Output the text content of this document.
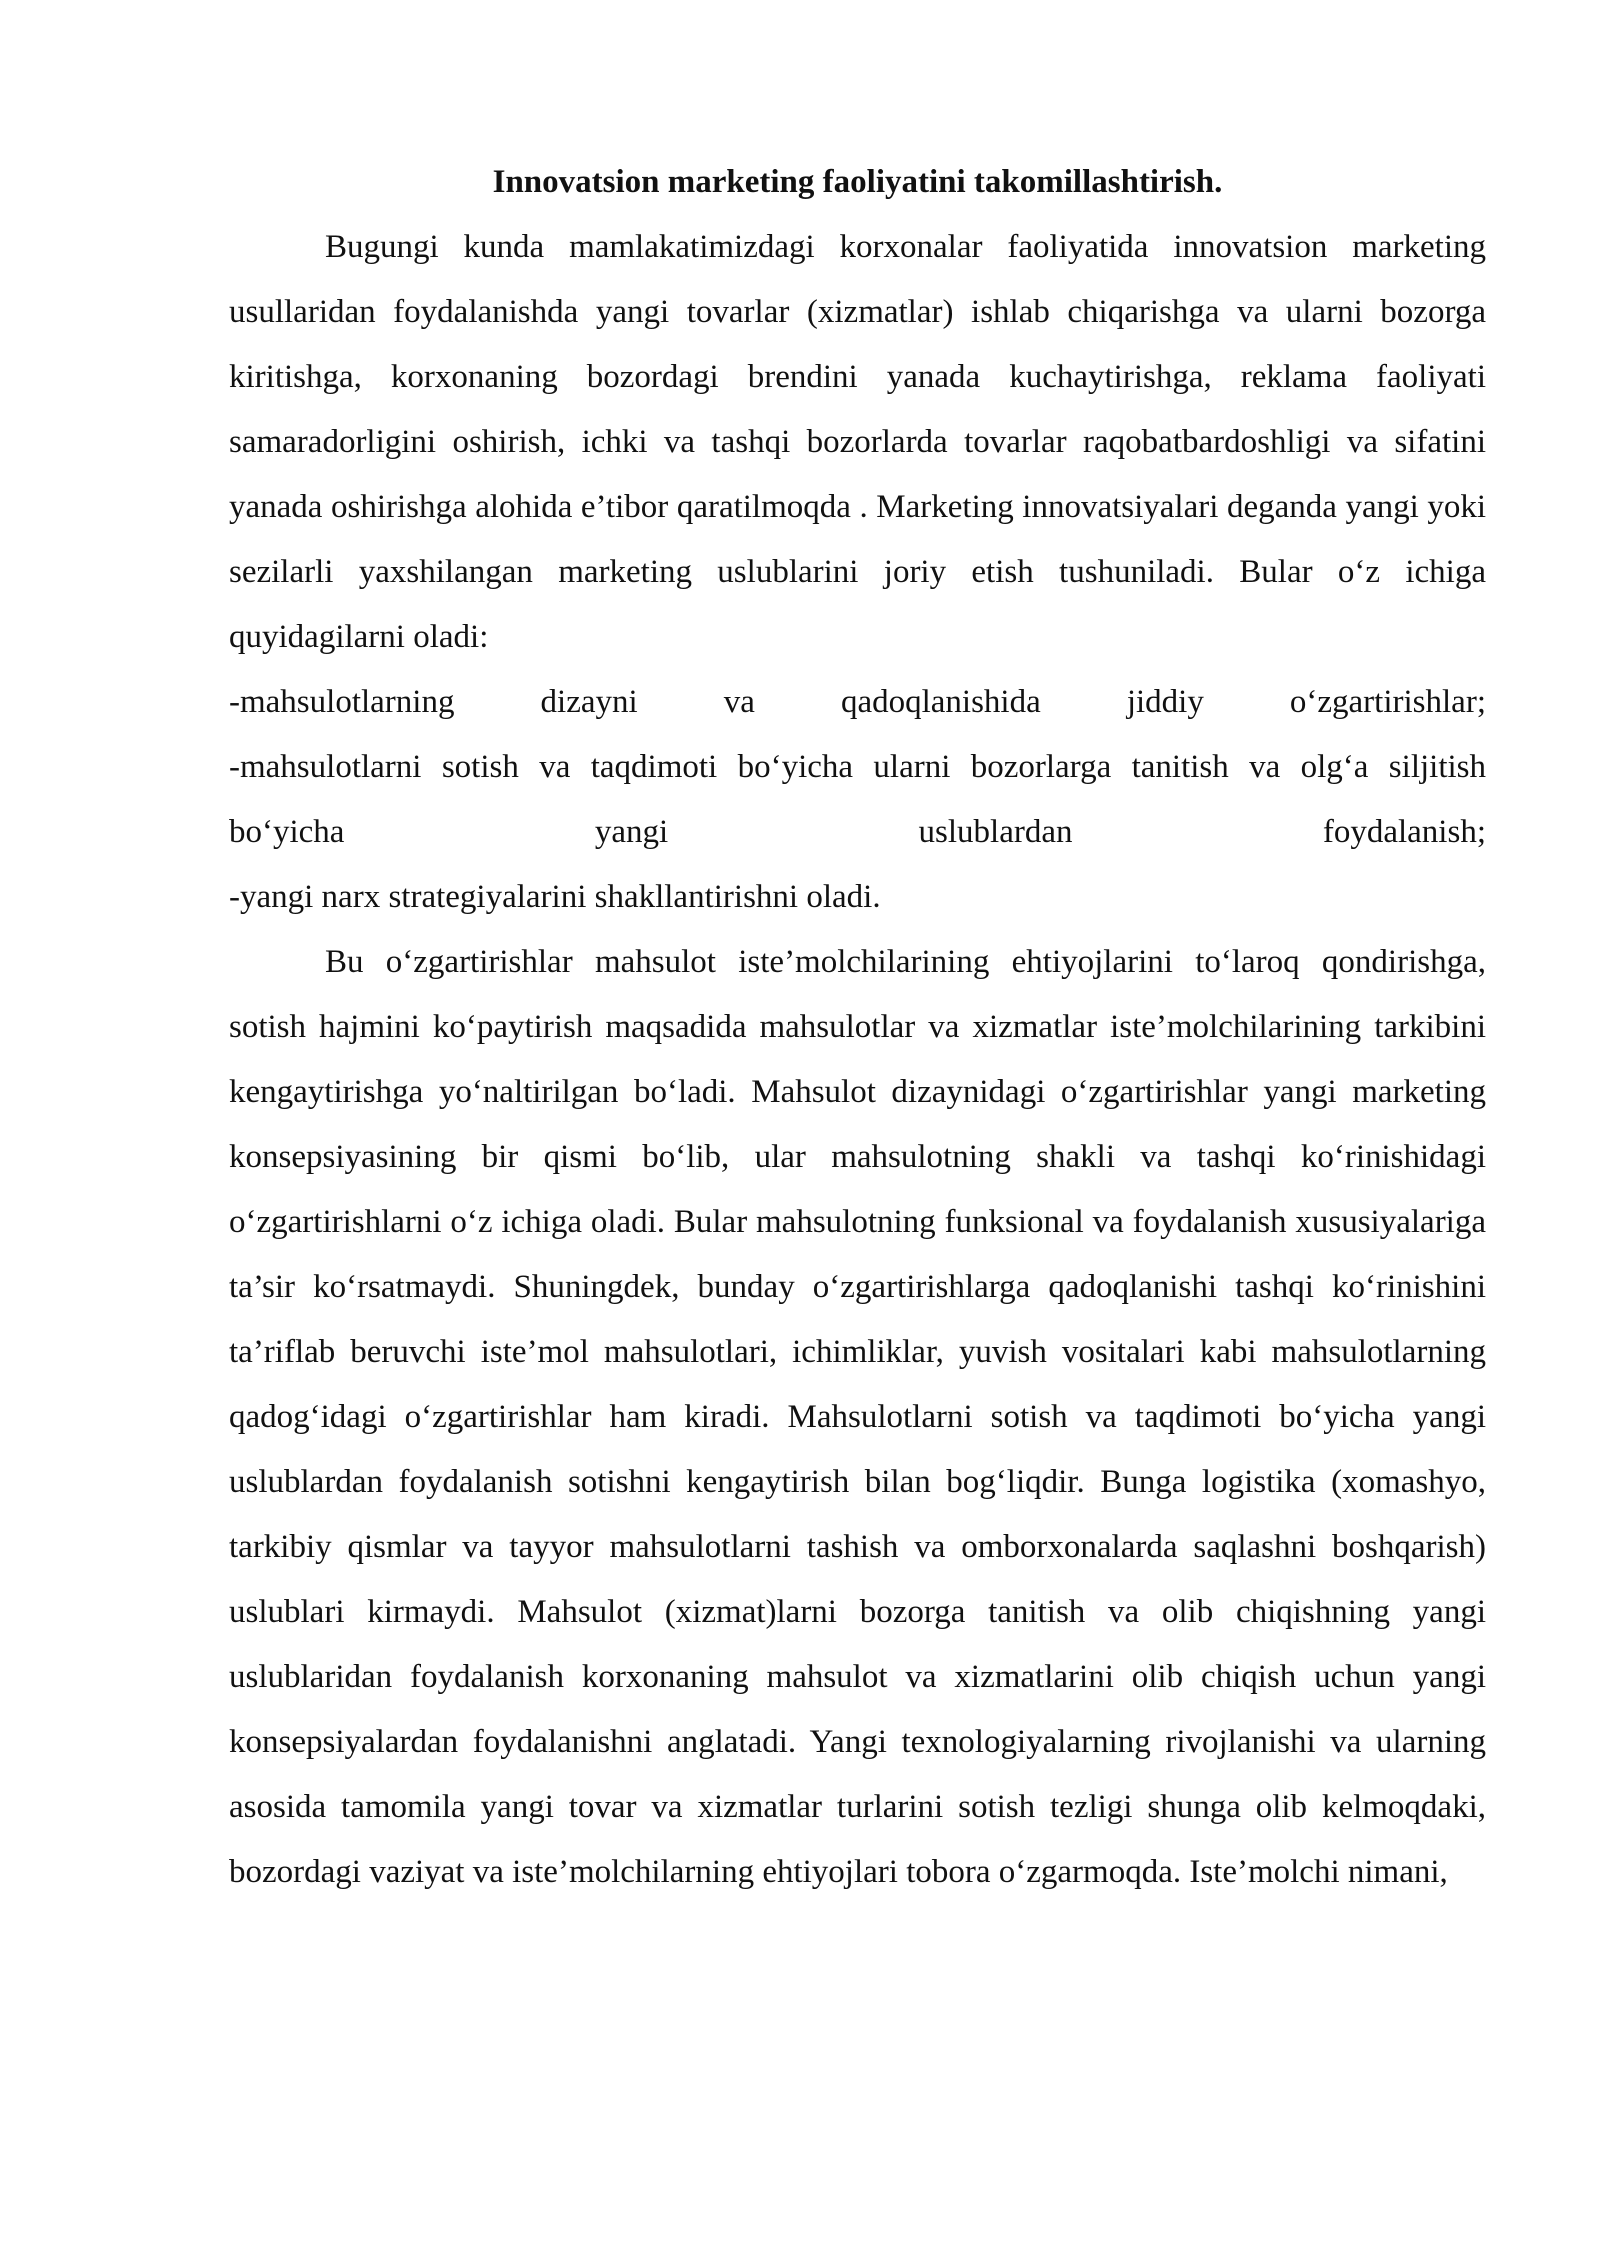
Innovatsion marketing faoliyatini takomillashtirish.

Bugungi kunda mamlakatimizdagi korxonalar faoliyatida innovatsion marketing usullaridan foydalanishda yangi tovarlar (xizmatlar) ishlab chiqarishga va ularni bozorga kiritishga, korxonaning bozordagi brendini yanada kuchaytirishga, reklama faoliyati samaradorligini oshirish, ichki va tashqi bozorlarda tovarlar raqobatbardoshligi va sifatini yanada oshirishga alohida e’tibor qaratilmoqda . Marketing innovatsiyalari deganda yangi yoki sezilarli yaxshilangan marketing uslublarini joriy etish tushuniladi. Bular o‘z ichiga quyidagilarni oladi:

-mahsulotlarning dizayni va qadoqlanishida jiddiy o‘zgartirishlar;

-mahsulotlarni sotish va taqdimoti bo‘yicha ularni bozorlarga tanitish va olg‘a siljitish bo‘yicha yangi uslublardan foydalanish;

-yangi narx strategiyalarini shakllantirishni oladi.

Bu o‘zgartirishlar mahsulot iste’molchilarining ehtiyojlarini to‘laroq qondirishga, sotish hajmini ko‘paytirish maqsadida mahsulotlar va xizmatlar iste’molchilarining tarkibini kengaytirishga yo‘naltirilgan bo‘ladi. Mahsulot dizaynidagi o‘zgartirishlar yangi marketing konsepsiyasining bir qismi bo‘lib, ular mahsulotning shakli va tashqi ko‘rinishidagi o‘zgartirishlarni o‘z ichiga oladi. Bular mahsulotning funksional va foydalanish xususiyalariga ta’sir ko‘rsatmaydi. Shuningdek, bunday o‘zgartirishlarga qadoqlanishi tashqi ko‘rinishini ta’riflab beruvchi iste’mol mahsulotlari, ichimliklar, yuvish vositalari kabi mahsulotlarning qadog‘idagi o‘zgartirishlar ham kiradi. Mahsulotlarni sotish va taqdimoti bo‘yicha yangi uslublardan foydalanish sotishni kengaytirish bilan bog‘liqdir. Bunga logistika (xomashyo, tarkibiy qismlar va tayyor mahsulotlarni tashish va omborxonalarda saqlashni boshqarish) uslublari kirmaydi. Mahsulot (xizmat)larni bozorga tanitish va olib chiqishning yangi uslublaridan foydalanish korxonaning mahsulot va xizmatlarini olib chiqish uchun yangi konsepsiyalardan foydalanishni anglatadi. Yangi texnologiyalarning rivojlanishi va ularning asosida tamomila yangi tovar va xizmatlar turlarini sotish tezligi shunga olib kelmoqdaki, bozordagi vaziyat va iste’molchilarning ehtiyojlari tobora o‘zgarmoqda. Iste’molchi nimani,
